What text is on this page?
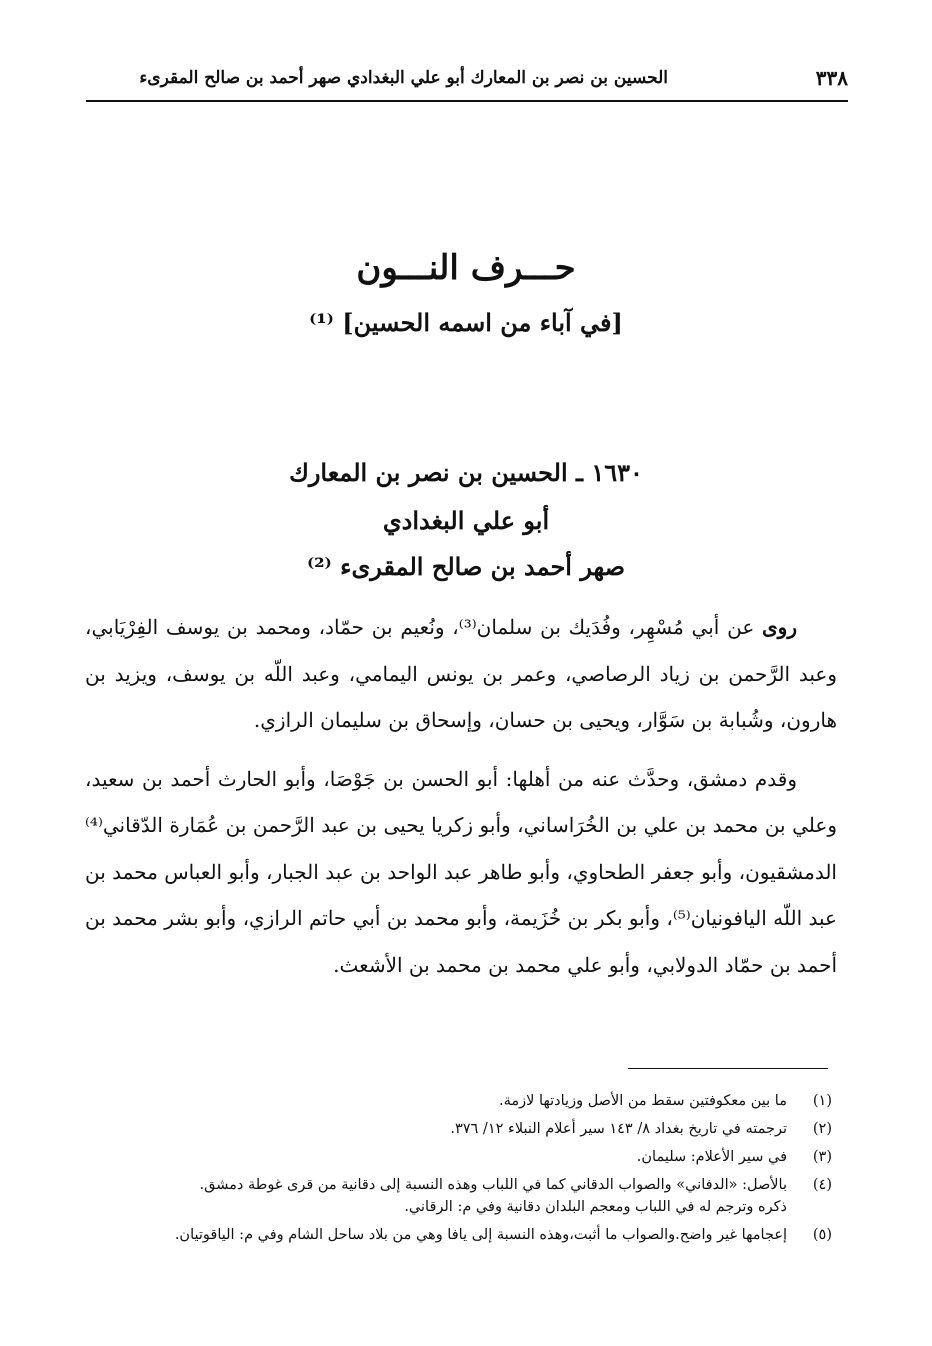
٣٣٨
الحسين بن نصر بن المعارك أبو علي البغدادي صهر أحمد بن صالح المقرىء
حـــرف النـــون
[في آباء من اسمه الحسين] ⁽¹⁾
١٦٣٠ ـ الحسين بن نصر بن المعارك
أبو علي البغدادي
صهر أحمد بن صالح المقرىء ⁽²⁾

روى عن أبي مُسْهِر، وفُدَيك بن سلمان⁽³⁾، ونُعيم بن حمّاد، ومحمد بن يوسف الفِرْيَابي، وعبد الرَّحمن بن زياد الرصاصي، وعمر بن يونس اليمامي، وعبد اللّه بن يوسف، ويزيد بن هارون، وشُبابة بن سَوَّار، ويحيى بن حسان، وإسحاق بن سليمان الرازي.

وقدم دمشق، وحدَّث عنه من أهلها: أبو الحسن بن جَوْصَا، وأبو الحارث أحمد بن سعيد، وعلي بن محمد بن علي بن الخُرَاساني، وأبو زكريا يحيى بن عبد الرَّحمن بن عُمَارة الدّقاني⁽⁴⁾ الدمشقيون، وأبو جعفر الطحاوي، وأبو طاهر عبد الواحد بن عبد الجبار، وأبو العباس محمد بن عبد اللّه اليافونيان⁽⁵⁾، وأبو بكر بن خُزَيمة، وأبو محمد بن أبي حاتم الرازي، وأبو بشر محمد بن أحمد بن حمّاد الدولابي، وأبو علي محمد بن محمد بن الأشعث.

(١)
ما بين معكوفتين سقط من الأصل وزيادتها لازمة.
(٢)
ترجمته في تاريخ بغداد ٨/ ١٤٣ سير أعلام النبلاء ١٢/ ٣٧٦.
(٣)
في سير الأعلام: سليمان.
(٤)
بالأصل: «الدفاني» والصواب الدقاني كما في اللباب وهذه النسبة إلى دقانية من قرى غوطة دمشق.
ذكره وترجم له في اللباب ومعجم البلدان دقانية وفي م: الرقاني.
(٥)
إعجامها غير واضح.والصواب ما أثبت،وهذه النسبة إلى يافا وهي من بلاد ساحل الشام وفي م: الياقوتيان.
